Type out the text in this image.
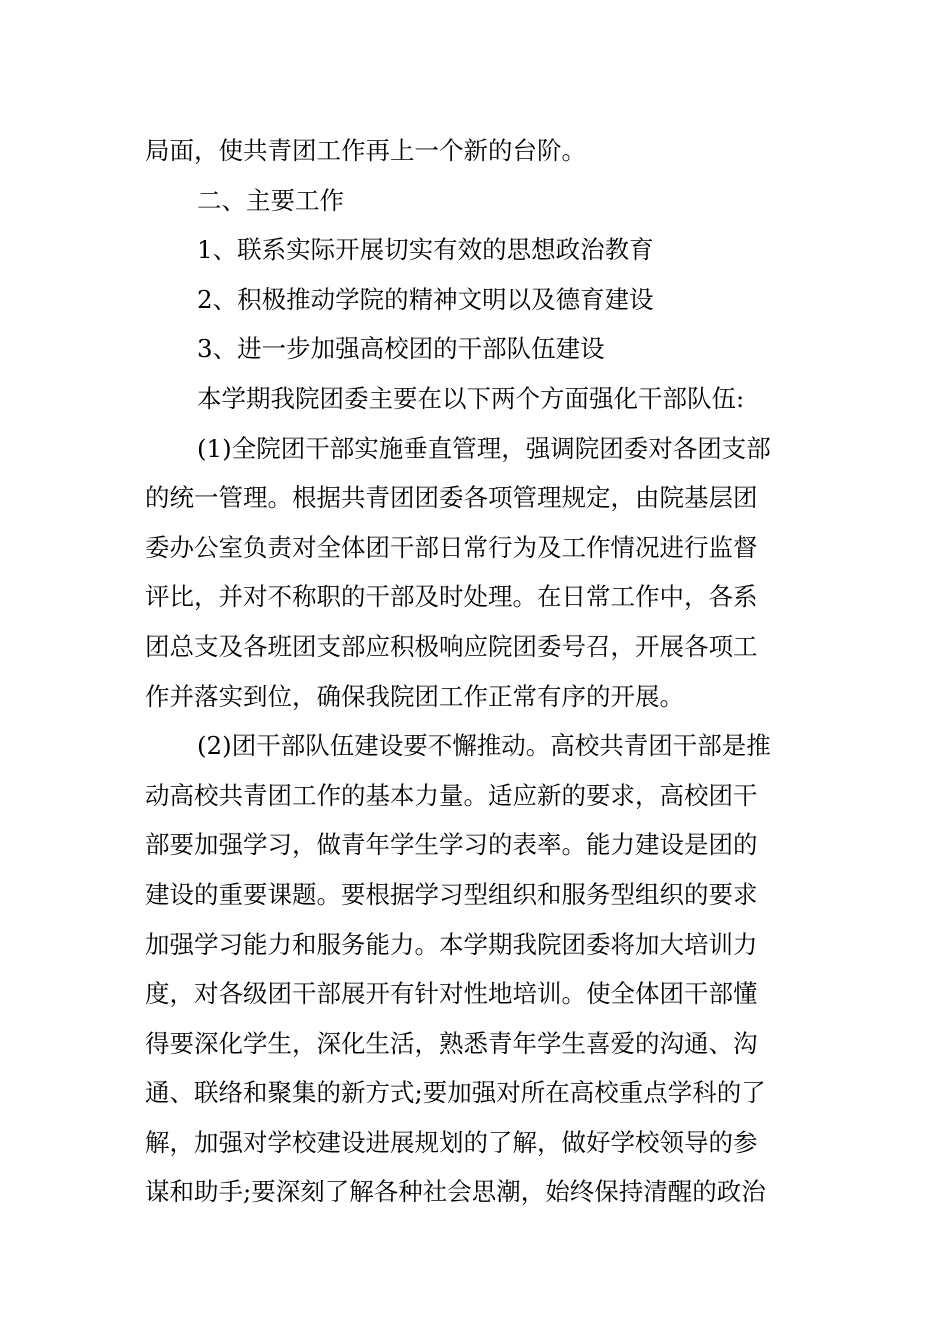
局面，使共青团工作再上一个新的台阶。
二、主要工作
1、联系实际开展切实有效的思想政治教育
2、积极推动学院的精神文明以及德育建设
3、进一步加强高校团的干部队伍建设
本学期我院团委主要在以下两个方面强化干部队伍:
(1)全院团干部实施垂直管理，强调院团委对各团支部
的统一管理。根据共青团团委各项管理规定，由院基层团
委办公室负责对全体团干部日常行为及工作情况进行监督
评比，并对不称职的干部及时处理。在日常工作中，各系
团总支及各班团支部应积极响应院团委号召，开展各项工
作并落实到位，确保我院团工作正常有序的开展。
(2)团干部队伍建设要不懈推动。高校共青团干部是推
动高校共青团工作的基本力量。适应新的要求，高校团干
部要加强学习，做青年学生学习的表率。能力建设是团的
建设的重要课题。要根据学习型组织和服务型组织的要求
加强学习能力和服务能力。本学期我院团委将加大培训力
度，对各级团干部展开有针对性地培训。使全体团干部懂
得要深化学生，深化生活，熟悉青年学生喜爱的沟通、沟
通、联络和聚集的新方式;要加强对所在高校重点学科的了
解，加强对学校建设进展规划的了解，做好学校领导的参
谋和助手;要深刻了解各种社会思潮，始终保持清醒的政治
